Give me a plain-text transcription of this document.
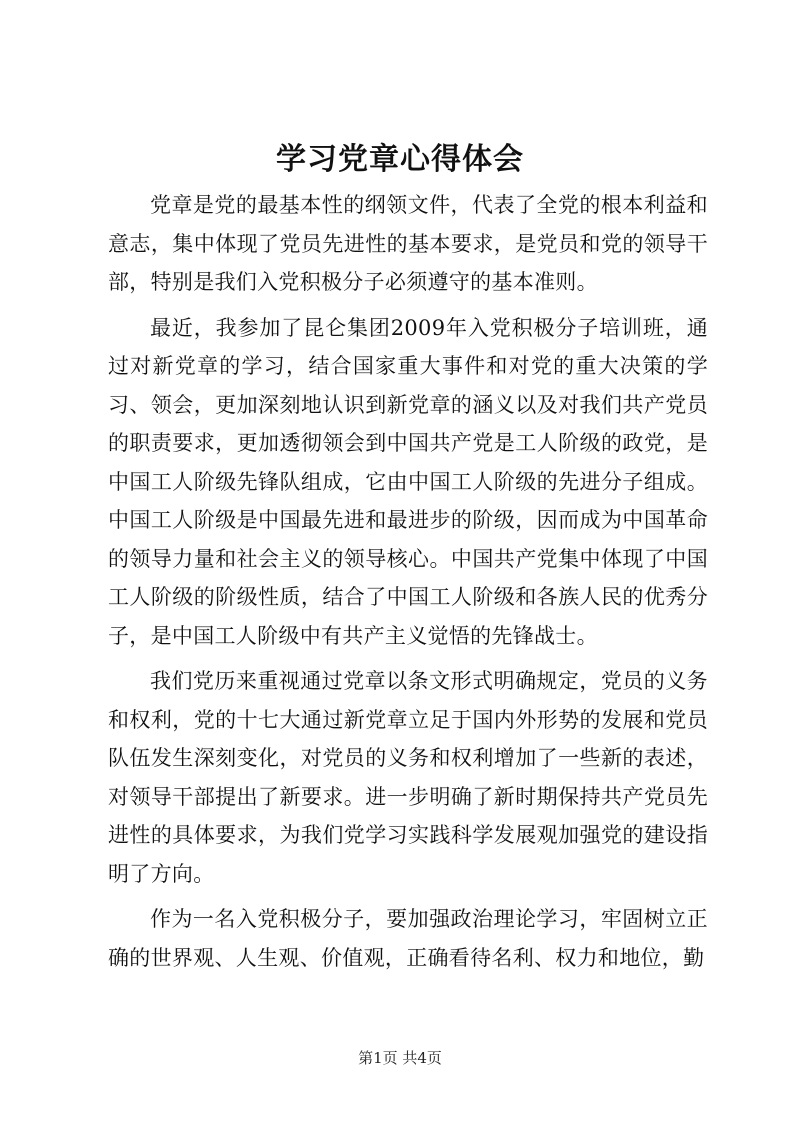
学习党章心得体会

党章是党的最基本性的纲领文件，代表了全党的根本利益和意志，集中体现了党员先进性的基本要求，是党员和党的领导干部，特别是我们入党积极分子必须遵守的基本准则。

最近，我参加了昆仑集团2009年入党积极分子培训班，通过对新党章的学习，结合国家重大事件和对党的重大决策的学习、领会，更加深刻地认识到新党章的涵义以及对我们共产党员的职责要求，更加透彻领会到中国共产党是工人阶级的政党，是中国工人阶级先锋队组成，它由中国工人阶级的先进分子组成。中国工人阶级是中国最先进和最进步的阶级，因而成为中国革命的领导力量和社会主义的领导核心。中国共产党集中体现了中国工人阶级的阶级性质，结合了中国工人阶级和各族人民的优秀分子，是中国工人阶级中有共产主义觉悟的先锋战士。

我们党历来重视通过党章以条文形式明确规定，党员的义务和权利，党的十七大通过新党章立足于国内外形势的发展和党员队伍发生深刻变化，对党员的义务和权利增加了一些新的表述，对领导干部提出了新要求。进一步明确了新时期保持共产党员先进性的具体要求，为我们党学习实践科学发展观加强党的建设指明了方向。

作为一名入党积极分子，要加强政治理论学习，牢固树立正确的世界观、人生观、价值观，正确看待名利、权力和地位，勤

第1页 共4页
